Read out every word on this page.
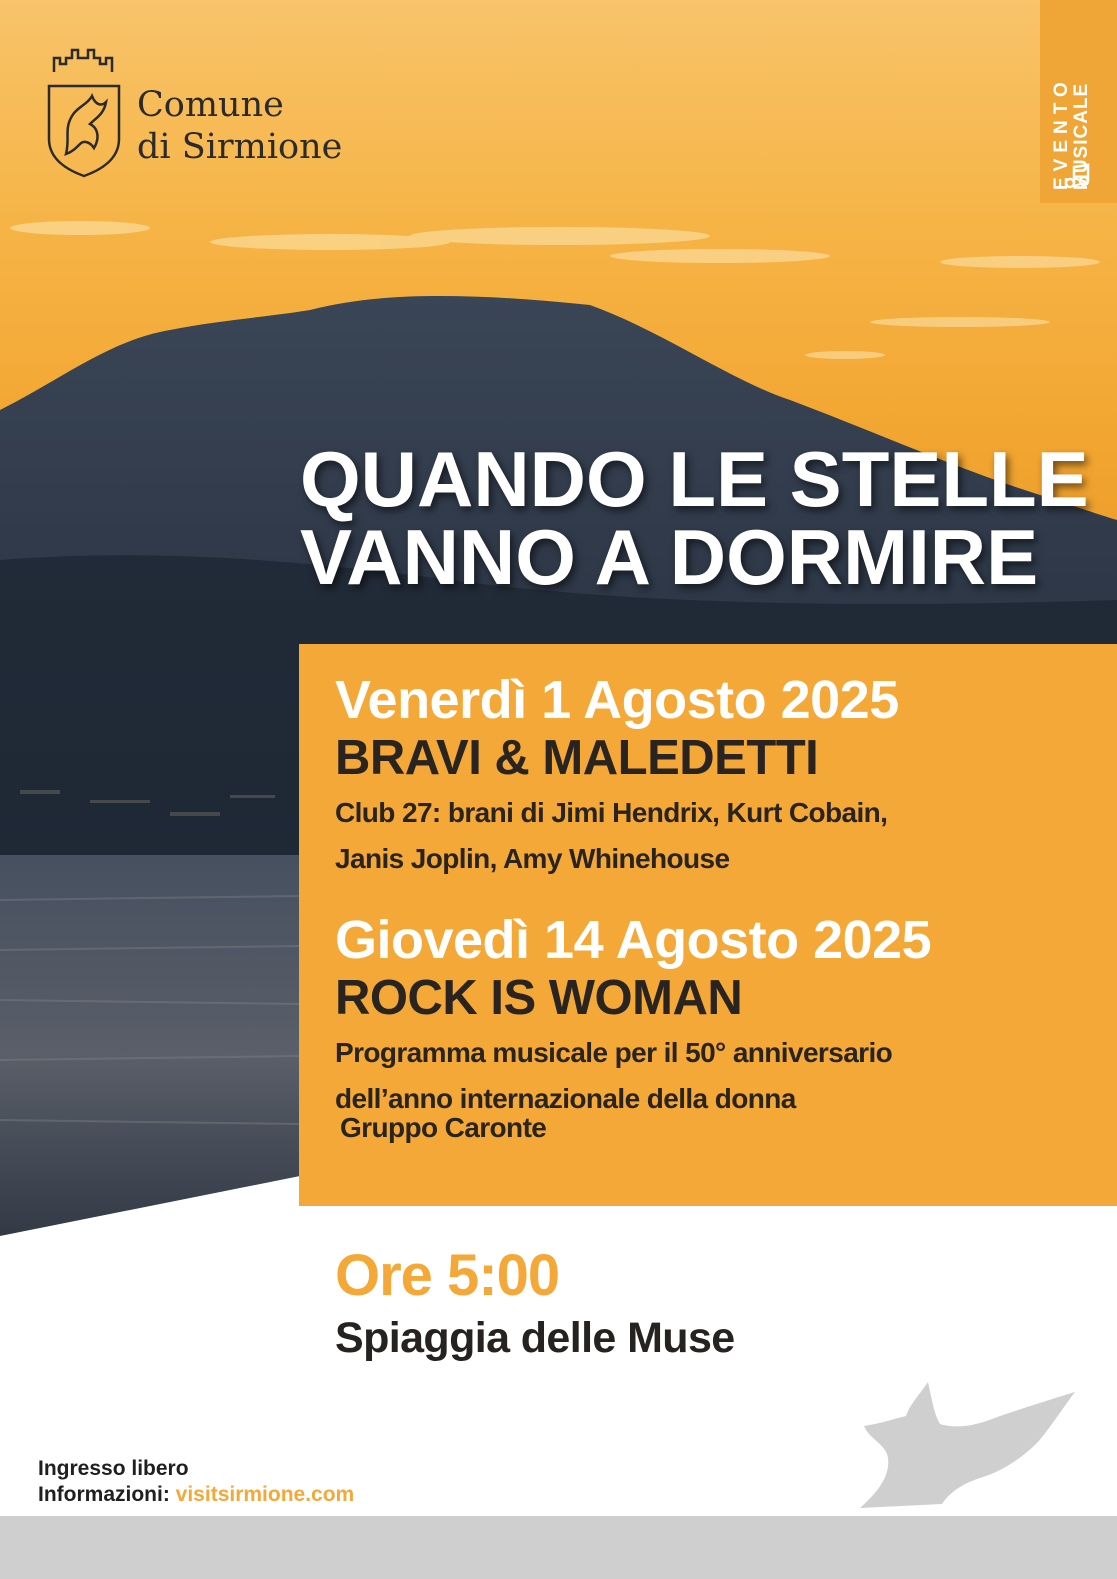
Comune
di Sirmione	EVENTO MUSICALE
QUANDO LE STELLE
VANNO A DORMIRE
Venerdì 1 Agosto 2025
BRAVI & MALEDETTI
Club 27: brani di Jimi Hendrix, Kurt Cobain,
Janis Joplin, Amy Whinehouse
Giovedì 14 Agosto 2025
ROCK IS WOMAN
Programma musicale per il 50° anniversario
dell’anno internazionale della donna
Gruppo Caronte
Ore 5:00
Spiaggia delle Muse
Ingresso libero
Informazioni: visitsirmione.com
